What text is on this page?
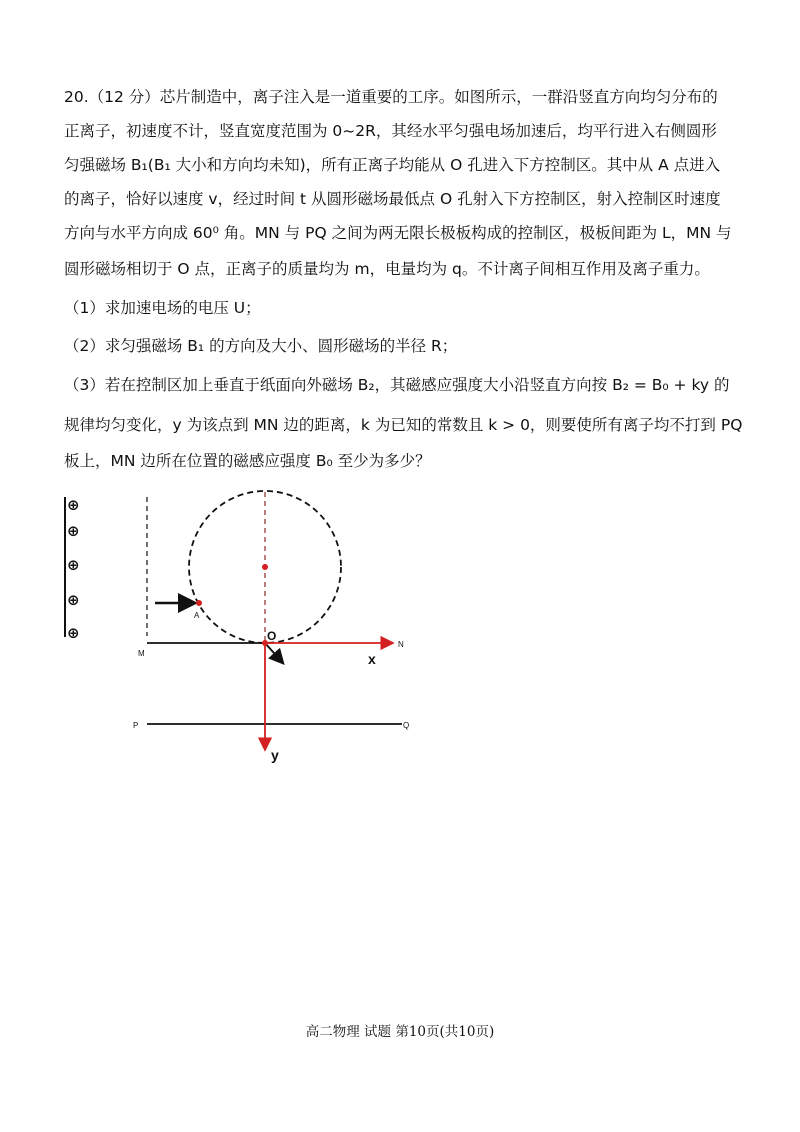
20.（12 分）芯片制造中，离子注入是一道重要的工序。如图所示，一群沿竖直方向均匀分布的
正离子，初速度不计，竖直宽度范围为 0~2R，其经水平匀强电场加速后，均平行进入右侧圆形
匀强磁场 B₁(B₁ 大小和方向均未知)，所有正离子均能从 O 孔进入下方控制区。其中从 A 点进入
的离子，恰好以速度 v，经过时间 t 从圆形磁场最低点 O 孔射入下方控制区，射入控制区时速度
方向与水平方向成 60⁰ 角。MN 与 PQ 之间为两无限长极板构成的控制区，极板间距为 L，MN 与
圆形磁场相切于 O 点，正离子的质量均为 m，电量均为 q。不计离子间相互作用及离子重力。
（1）求加速电场的电压 U；
（2）求匀强磁场 B₁ 的方向及大小、圆形磁场的半径 R；
（3）若在控制区加上垂直于纸面向外磁场 B₂，其磁感应强度大小沿竖直方向按 B₂ = B₀ + ky 的
规律均匀变化，y 为该点到 MN 边的距离，k 为已知的常数且 k > 0，则要使所有离子均不打到 PQ
板上，MN 边所在位置的磁感应强度 B₀ 至少为多少？
⊕
⊕
⊕
⊕
⊕
A
O
M
N
P	Q
x
y
高二物理 试题 第10页(共10页)
